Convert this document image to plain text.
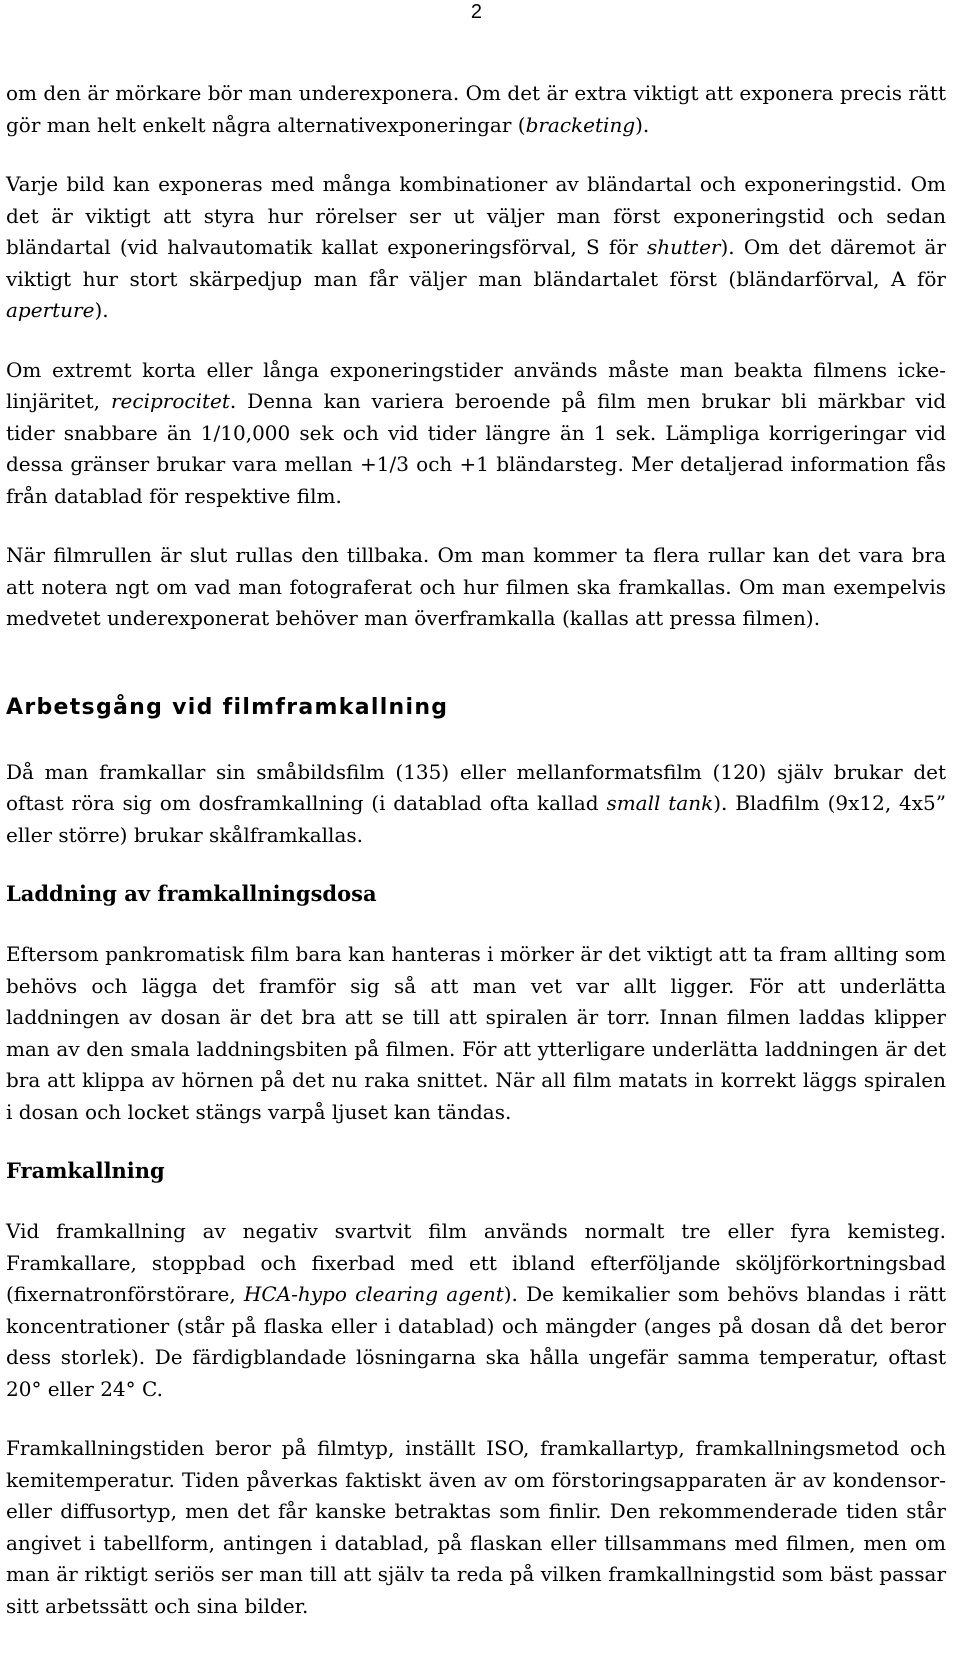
2

om den är mörkare bör man underexponera. Om det är extra viktigt att exponera precis rätt gör man helt enkelt några alternativexponeringar (bracketing).

Varje bild kan exponeras med många kombinationer av bländartal och exponeringstid. Om det är viktigt att styra hur rörelser ser ut väljer man först exponeringstid och sedan bländartal (vid halvautomatik kallat exponeringsförval, S för shutter). Om det däremot är viktigt hur stort skärpedjup man får väljer man bländartalet först (bländarförval, A för aperture).

Om extremt korta eller långa exponeringstider används måste man beakta filmens icke-linjäritet, reciprocitet. Denna kan variera beroende på film men brukar bli märkbar vid tider snabbare än 1/10,000 sek och vid tider längre än 1 sek. Lämpliga korrigeringar vid dessa gränser brukar vara mellan +1/3 och +1 bländarsteg. Mer detaljerad information fås från datablad för respektive film.

När filmrullen är slut rullas den tillbaka. Om man kommer ta flera rullar kan det vara bra att notera ngt om vad man fotograferat och hur filmen ska framkallas. Om man exempelvis medvetet underexponerat behöver man överframkalla (kallas att pressa filmen).

Arbetsgång vid filmframkallning

Då man framkallar sin småbildsfilm (135) eller mellanformatsfilm (120) själv brukar det oftast röra sig om dosframkallning (i datablad ofta kallad small tank). Bladfilm (9x12, 4x5” eller större) brukar skålframkallas.

Laddning av framkallningsdosa

Eftersom pankromatisk film bara kan hanteras i mörker är det viktigt att ta fram allting som behövs och lägga det framför sig så att man vet var allt ligger. För att underlätta laddningen av dosan är det bra att se till att spiralen är torr. Innan filmen laddas klipper man av den smala laddningsbiten på filmen. För att ytterligare underlätta laddningen är det bra att klippa av hörnen på det nu raka snittet. När all film matats in korrekt läggs spiralen i dosan och locket stängs varpå ljuset kan tändas.

Framkallning

Vid framkallning av negativ svartvit film används normalt tre eller fyra kemisteg. Framkallare, stoppbad och fixerbad med ett ibland efterföljande sköljförkortningsbad (fixernatronförstörare, HCA-hypo clearing agent). De kemikalier som behövs blandas i rätt koncentrationer (står på flaska eller i datablad) och mängder (anges på dosan då det beror dess storlek). De färdigblandade lösningarna ska hålla ungefär samma temperatur, oftast 20° eller 24° C.

Framkallningstiden beror på filmtyp, inställt ISO, framkallartyp, framkallningsmetod och kemitemperatur. Tiden påverkas faktiskt även av om förstoringsapparaten är av kondensor- eller diffusortyp, men det får kanske betraktas som finlir. Den rekommenderade tiden står angivet i tabellform, antingen i datablad, på flaskan eller tillsammans med filmen, men om man är riktigt seriös ser man till att själv ta reda på vilken framkallningstid som bäst passar sitt arbetssätt och sina bilder.
